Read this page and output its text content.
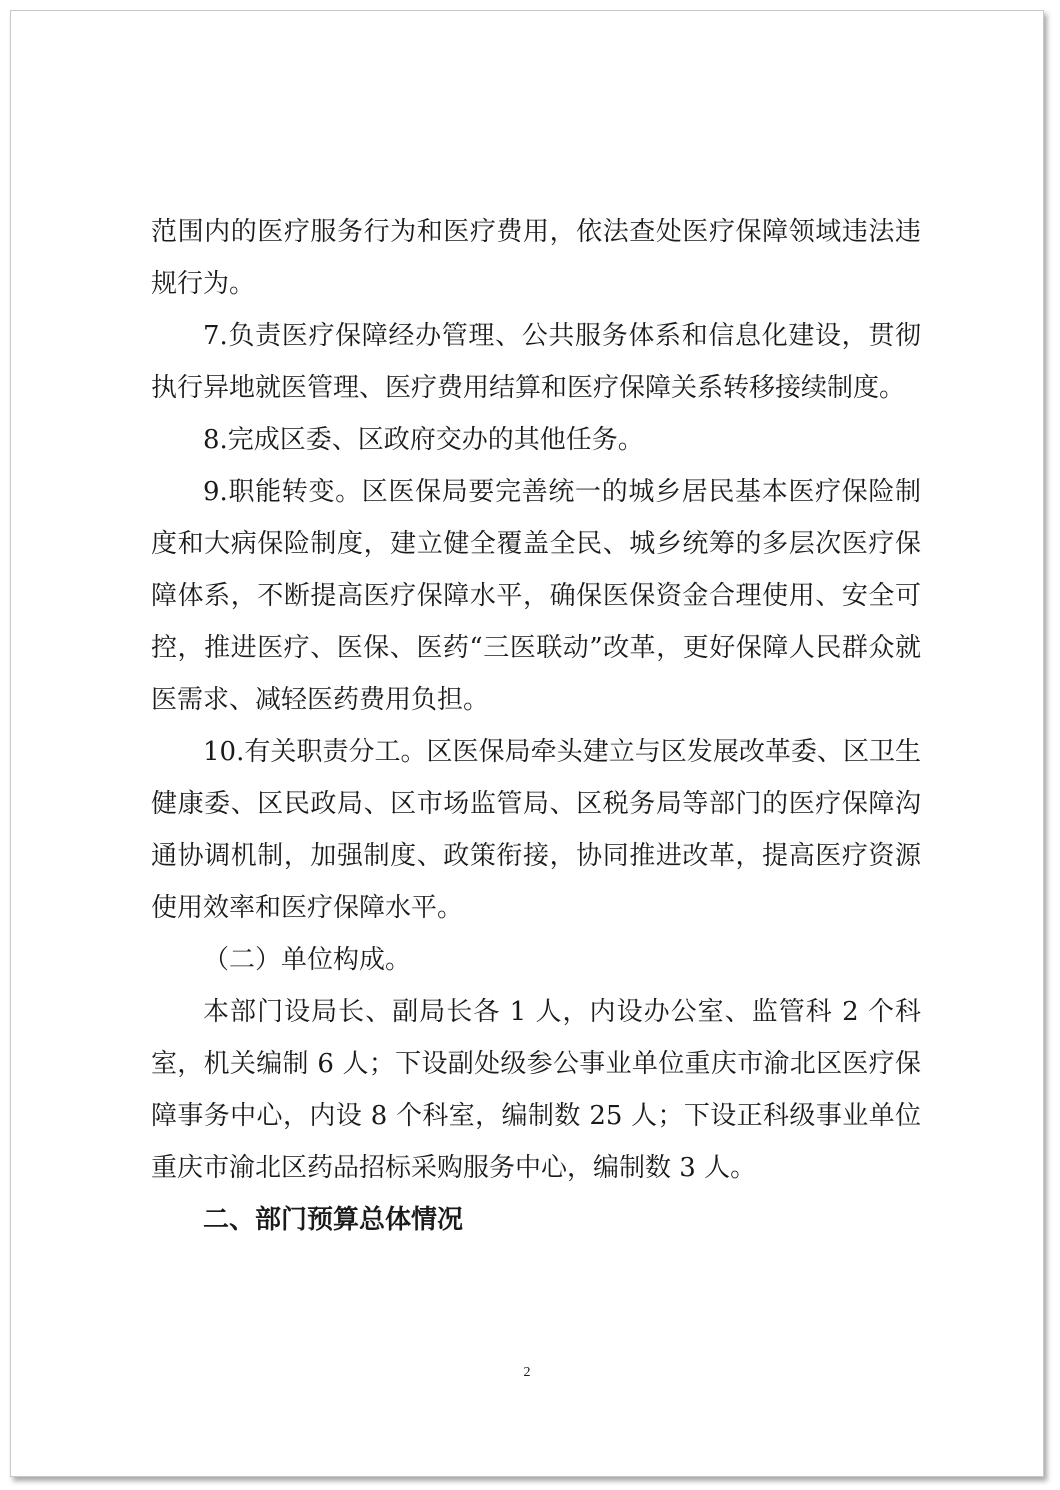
范围内的医疗服务行为和医疗费用，依法查处医疗保障领域违法违规行为。

7.负责医疗保障经办管理、公共服务体系和信息化建设，贯彻执行异地就医管理、医疗费用结算和医疗保障关系转移接续制度。

8.完成区委、区政府交办的其他任务。

9.职能转变。区医保局要完善统一的城乡居民基本医疗保险制度和大病保险制度，建立健全覆盖全民、城乡统筹的多层次医疗保障体系，不断提高医疗保障水平，确保医保资金合理使用、安全可控，推进医疗、医保、医药“三医联动”改革，更好保障人民群众就医需求、减轻医药费用负担。

10.有关职责分工。区医保局牵头建立与区发展改革委、区卫生健康委、区民政局、区市场监管局、区税务局等部门的医疗保障沟通协调机制，加强制度、政策衔接，协同推进改革，提高医疗资源使用效率和医疗保障水平。

（二）单位构成。

本部门设局长、副局长各 1 人，内设办公室、监管科 2 个科室，机关编制 6 人；下设副处级参公事业单位重庆市渝北区医疗保障事务中心，内设 8 个科室，编制数 25 人；下设正科级事业单位重庆市渝北区药品招标采购服务中心，编制数 3 人。

二、部门预算总体情况

2
